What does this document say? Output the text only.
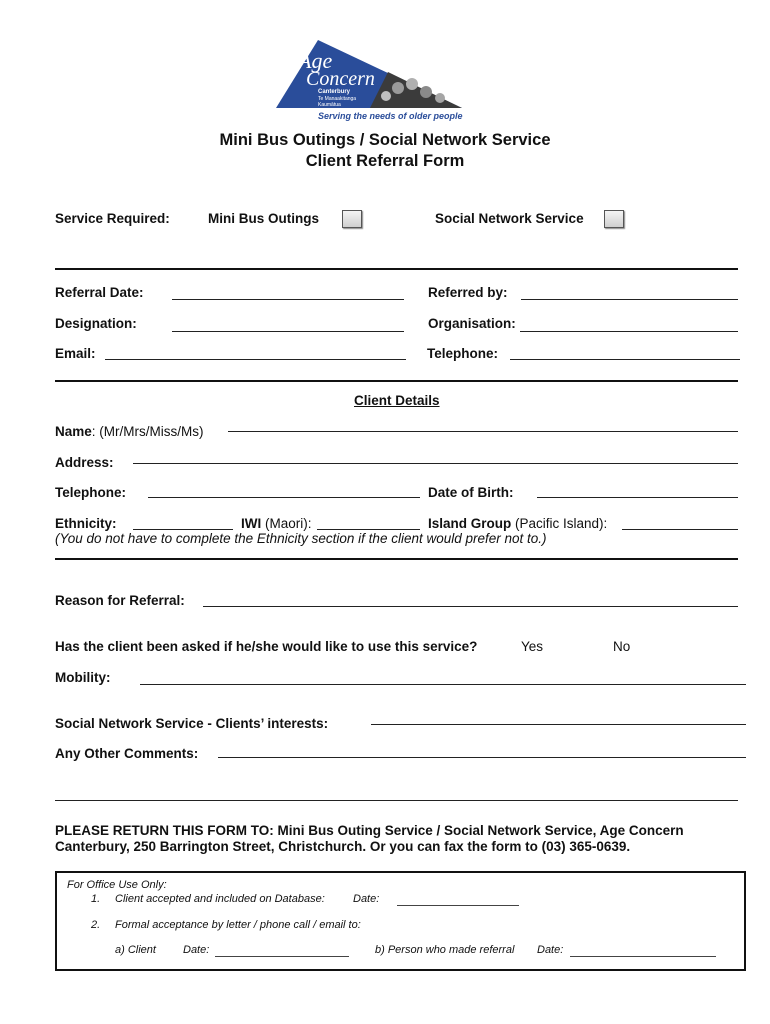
Age
Concern
Canterbury
Te Manaakitanga
Kaumātua
Serving the needs of older people
Mini Bus Outings / Social Network Service
Client Referral Form
Service Required:	Mini Bus Outings	Social Network Service
Referral Date:	Referred by:
Designation:	Organisation:
Email:	Telephone:
Client Details
Name: (Mr/Mrs/Miss/Ms)
Address:
Telephone:	Date of Birth:
Ethnicity:	IWI (Maori):	Island Group (Pacific Island):
(You do not have to complete the Ethnicity section if the client would prefer not to.)
Reason for Referral:
Has the client been asked if he/she would like to use this service?	Yes	No
Mobility:
Social Network Service - Clients’ interests:
Any Other Comments:
PLEASE RETURN THIS FORM TO: Mini Bus Outing Service / Social Network Service, Age Concern
Canterbury, 250 Barrington Street, Christchurch. Or you can fax the form to (03) 365-0639.
For Office Use Only:
1. Client accepted and included on Database:	Date:
2. Formal acceptance by letter / phone call / email to:
a) Client Date:	b) Person who made referral Date:
